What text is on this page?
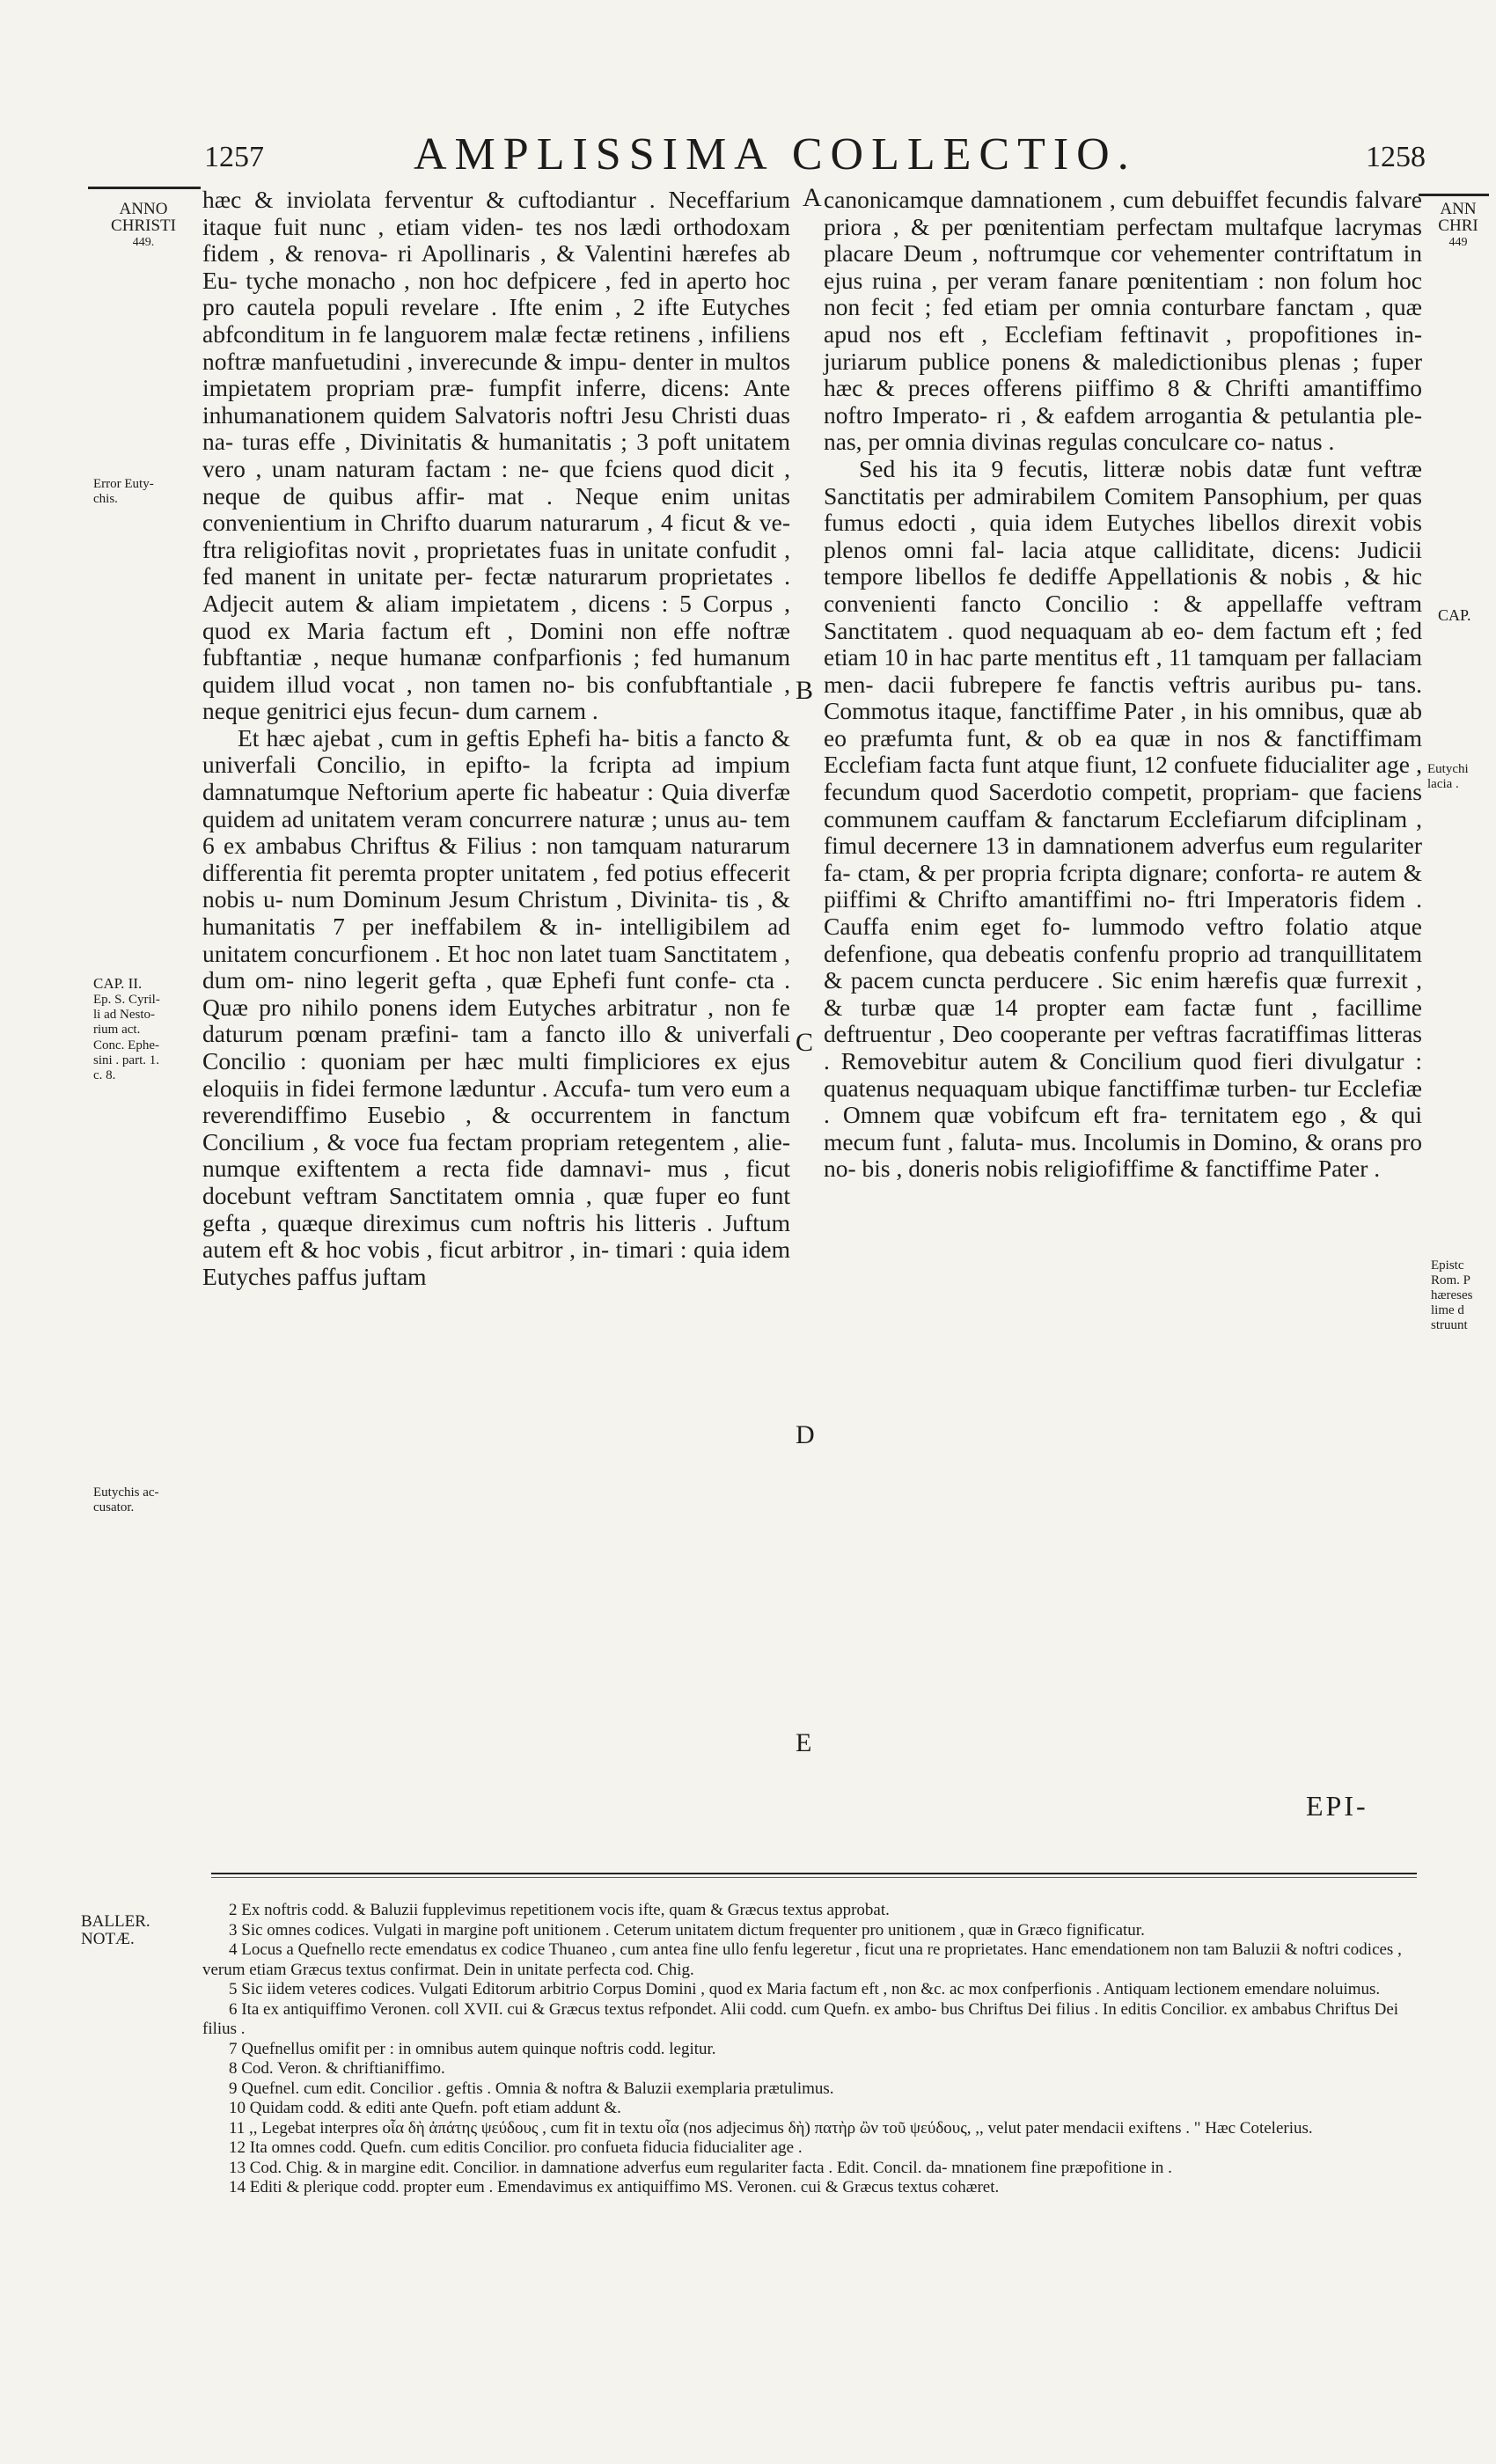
1257	AMPLISSIMA COLLECTIO.	1258
ANNO
CHRISTI
449.
Error Euty-
chis.
CAP. II.
Ep. S. Cyril-
li ad Nesto-
rium act.
Conc. Ephe-
sini . part. 1.
c. 8.
Eutychis ac-
cusator.
BALLER.
NOTÆ.
ANN
CHRI
449
CAP.
Eutychi
lacia .
Epistc
Rom. P
hæreses
lime d
struunt
A
B
C
D
E

hæc & inviolata ferventur & cuftodiantur . Neceffarium itaque fuit nunc , etiam viden- tes nos lædi orthodoxam fidem , & renova- ri Apollinaris , & Valentini hærefes ab Eu- tyche monacho , non hoc defpicere , fed in aperto hoc pro cautela populi revelare . Ifte enim , 2 ifte Eutyches abfconditum in fe languorem malæ fectæ retinens , infiliens noftræ manfuetudini , inverecunde & impu- denter in multos impietatem propriam præ- fumpfit inferre, dicens: Ante inhumanationem quidem Salvatoris noftri Jesu Christi duas na- turas effe , Divinitatis & humanitatis ; 3 poft unitatem vero , unam naturam factam : ne- que fciens quod dicit , neque de quibus affir- mat . Neque enim unitas convenientium in Chrifto duarum naturarum , 4 ficut & ve- ftra religiofitas novit , proprietates fuas in unitate confudit , fed manent in unitate per- fectæ naturarum proprietates . Adjecit autem & aliam impietatem , dicens : 5 Corpus , quod ex Maria factum eft , Domini non effe noftræ fubftantiæ , neque humanæ confparfionis ; fed humanum quidem illud vocat , non tamen no- bis confubftantiale , neque genitrici ejus fecun- dum carnem .

Et hæc ajebat , cum in geftis Ephefi ha- bitis a fancto & univerfali Concilio, in epifto- la fcripta ad impium damnatumque Neftorium aperte fic habeatur : Quia diverfæ quidem ad unitatem veram concurrere naturæ ; unus au- tem 6 ex ambabus Chriftus & Filius : non tamquam naturarum differentia fit peremta propter unitatem , fed potius effecerit nobis u- num Dominum Jesum Christum , Divinita- tis , & humanitatis 7 per ineffabilem & in- intelligibilem ad unitatem concurfionem . Et hoc non latet tuam Sanctitatem , dum om- nino legerit gefta , quæ Ephefi funt confe- cta . Quæ pro nihilo ponens idem Eutyches arbitratur , non fe daturum pœnam præfini- tam a fancto illo & univerfali Concilio : quoniam per hæc multi fimpliciores ex ejus eloquiis in fidei fermone læduntur . Accufa- tum vero eum a reverendiffimo Eusebio , & occurrentem in fanctum Concilium , & voce fua fectam propriam retegentem , alie- numque exiftentem a recta fide damnavi- mus , ficut docebunt veftram Sanctitatem omnia , quæ fuper eo funt gefta , quæque direximus cum noftris his litteris . Juftum autem eft & hoc vobis , ficut arbitror , in- timari : quia idem Eutyches paffus juftam

canonicamque damnationem , cum debuiffet fecundis falvare priora , & per pœnitentiam perfectam multafque lacrymas placare Deum , noftrumque cor vehementer contriftatum in ejus ruina , per veram fanare pœnitentiam : non folum hoc non fecit ; fed etiam per omnia conturbare fanctam , quæ apud nos eft , Ecclefiam feftinavit , propofitiones in- juriarum publice ponens & maledictionibus plenas ; fuper hæc & preces offerens piiffimo 8 & Chrifti amantiffimo noftro Imperato- ri , & eafdem arrogantia & petulantia ple- nas, per omnia divinas regulas conculcare co- natus .

Sed his ita 9 fecutis, litteræ nobis datæ funt veftræ Sanctitatis per admirabilem Comitem Pansophium, per quas fumus edocti , quia idem Eutyches libellos direxit vobis plenos omni fal- lacia atque calliditate, dicens: Judicii tempore libellos fe dediffe Appellationis & nobis , & hic convenienti fancto Concilio : & appellaffe veftram Sanctitatem . quod nequaquam ab eo- dem factum eft ; fed etiam 10 in hac parte mentitus eft , 11 tamquam per fallaciam men- dacii fubrepere fe fanctis veftris auribus pu- tans. Commotus itaque, fanctiffime Pater , in his omnibus, quæ ab eo præfumta funt, & ob ea quæ in nos & fanctiffimam Ecclefiam facta funt atque fiunt, 12 confuete fiducialiter age , fecundum quod Sacerdotio competit, propriam- que faciens communem cauffam & fanctarum Ecclefiarum difciplinam , fimul decernere 13 in damnationem adverfus eum regulariter fa- ctam, & per propria fcripta dignare; conforta- re autem & piiffimi & Chrifto amantiffimi no- ftri Imperatoris fidem . Cauffa enim eget fo- lummodo veftro folatio atque defenfione, qua debeatis confenfu proprio ad tranquillitatem & pacem cuncta perducere . Sic enim hærefis quæ furrexit , & turbæ quæ 14 propter eam factæ funt , facillime deftruentur , Deo cooperante per veftras facratiffimas litteras . Removebitur autem & Concilium quod fieri divulgatur : quatenus nequaquam ubique fanctiffimæ turben- tur Ecclefiæ . Omnem quæ vobifcum eft fra- ternitatem ego , & qui mecum funt , faluta- mus. Incolumis in Domino, & orans pro no- bis , doneris nobis religiofiffime & fanctiffime Pater .

EPI-

2 Ex noftris codd. & Baluzii fupplevimus repetitionem vocis ifte, quam & Græcus textus approbat.

3 Sic omnes codices. Vulgati in margine poft unitionem . Ceterum unitatem dictum frequenter pro unitionem , quæ in Græco fignificatur.

4 Locus a Quefnello recte emendatus ex codice Thuaneo , cum antea fine ullo fenfu legeretur , ficut una re proprietates. Hanc emendationem non tam Baluzii & noftri codices , verum etiam Græcus textus confirmat. Dein in unitate perfecta cod. Chig.

5 Sic iidem veteres codices. Vulgati Editorum arbitrio Corpus Domini , quod ex Maria factum eft , non &c. ac mox confperfionis . Antiquam lectionem emendare noluimus.

6 Ita ex antiquiffimo Veronen. coll XVII. cui & Græcus textus refpondet. Alii codd. cum Quefn. ex ambo- bus Chriftus Dei filius . In editis Concilior. ex ambabus Chriftus Dei filius .

7 Quefnellus omifit per : in omnibus autem quinque noftris codd. legitur.

8 Cod. Veron. & chriftianiffimo.

9 Quefnel. cum edit. Concilior . geftis . Omnia & noftra & Baluzii exemplaria prætulimus.

10 Quidam codd. & editi ante Quefn. poft etiam addunt &.

11 ,, Legebat interpres οἷα δὴ ἀπάτης ψεύδους , cum fit in textu οἷα (nos adjecimus δὴ) πατὴρ ὢν τοῦ ψεύδους, ,, velut pater mendacii exiftens . " Hæc Cotelerius.

12 Ita omnes codd. Quefn. cum editis Concilior. pro confueta fiducia fiducialiter age .

13 Cod. Chig. & in margine edit. Concilior. in damnatione adverfus eum regulariter facta . Edit. Concil. da- mnationem fine præpofitione in .

14 Editi & plerique codd. propter eum . Emendavimus ex antiquiffimo MS. Veronen. cui & Græcus textus cohæret.
